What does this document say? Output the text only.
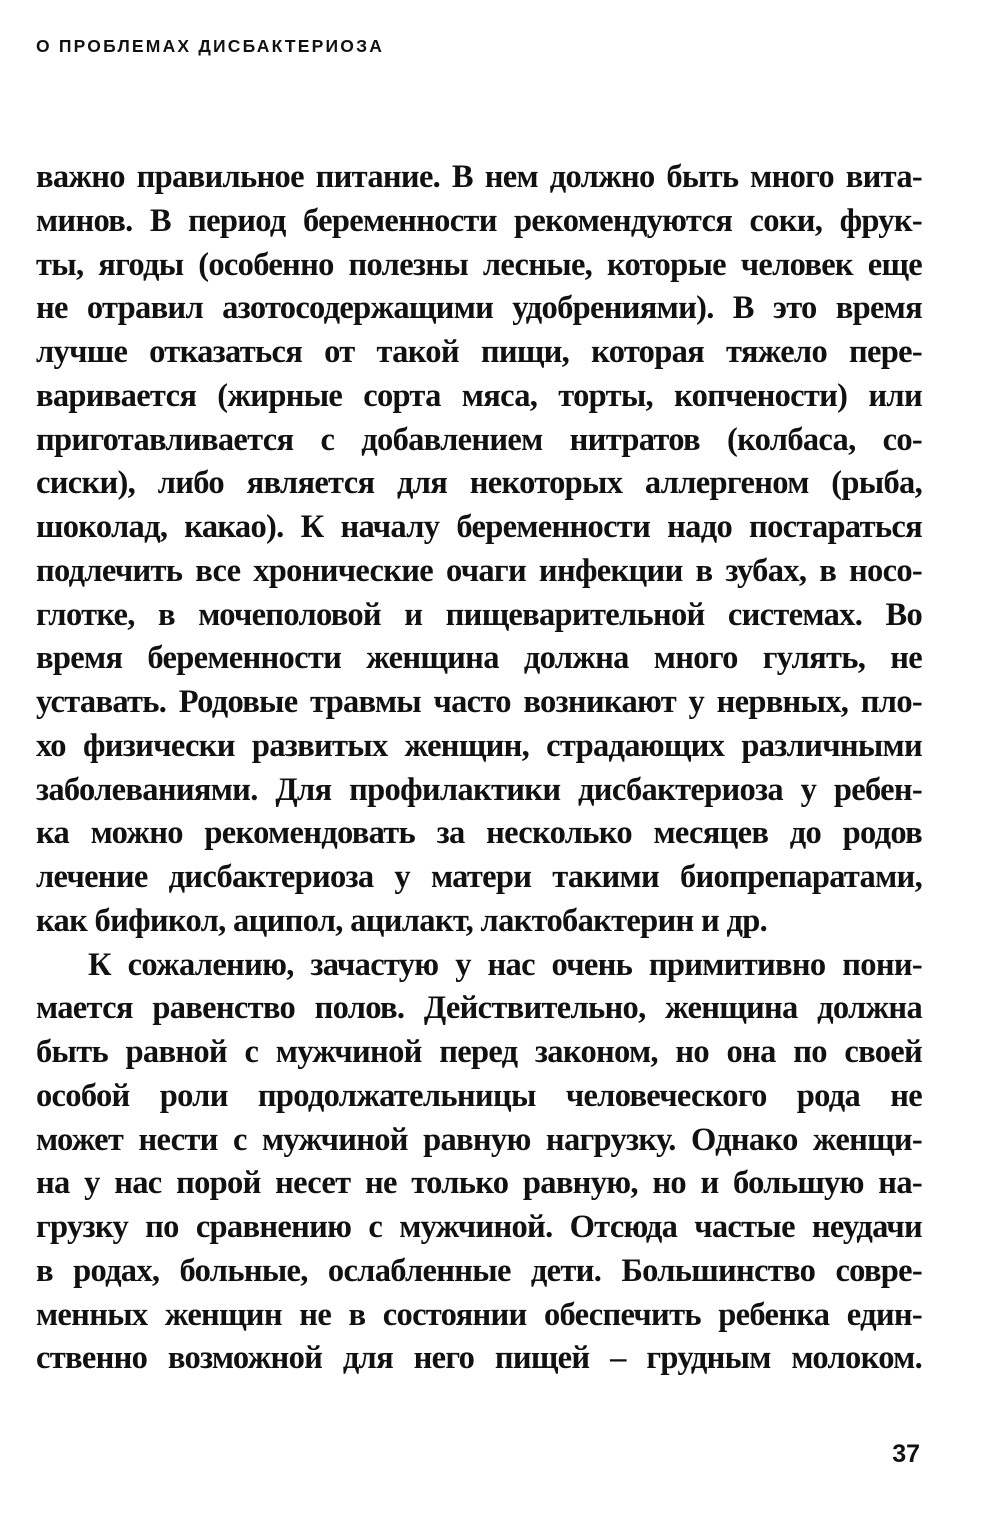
О ПРОБЛЕМАХ ДИСБАКТЕРИОЗА
важно правильное питание. В нем должно быть много вита-
минов. В период беременности рекомендуются соки, фрук-
ты, ягоды (особенно полезны лесные, которые человек еще
не отравил азотосодержащими удобрениями). В это время
лучше отказаться от такой пищи, которая тяжело пере-
варивается (жирные сорта мяса, торты, копчености) или
приготавливается с добавлением нитратов (колбаса, со-
сиски), либо является для некоторых аллергеном (рыба,
шоколад, какао). К началу беременности надо постараться
подлечить все хронические очаги инфекции в зубах, в носо-
глотке, в мочеполовой и пищеварительной системах. Во
время беременности женщина должна много гулять, не
уставать. Родовые травмы часто возникают у нервных, пло-
хо физически развитых женщин, страдающих различными
заболеваниями. Для профилактики дисбактериоза у ребен-
ка можно рекомендовать за несколько месяцев до родов
лечение дисбактериоза у матери такими биопрепаратами,
как бификол, аципол, ацилакт, лактобактерин и др.
К сожалению, зачастую у нас очень примитивно пони-
мается равенство полов. Действительно, женщина должна
быть равной с мужчиной перед законом, но она по своей
особой роли продолжательницы человеческого рода не
может нести с мужчиной равную нагрузку. Однако женщи-
на у нас порой несет не только равную, но и большую на-
грузку по сравнению с мужчиной. Отсюда частые неудачи
в родах, больные, ослабленные дети. Большинство совре-
менных женщин не в состоянии обеспечить ребенка един-
ственно возможной для него пищей – грудным молоком.
37
